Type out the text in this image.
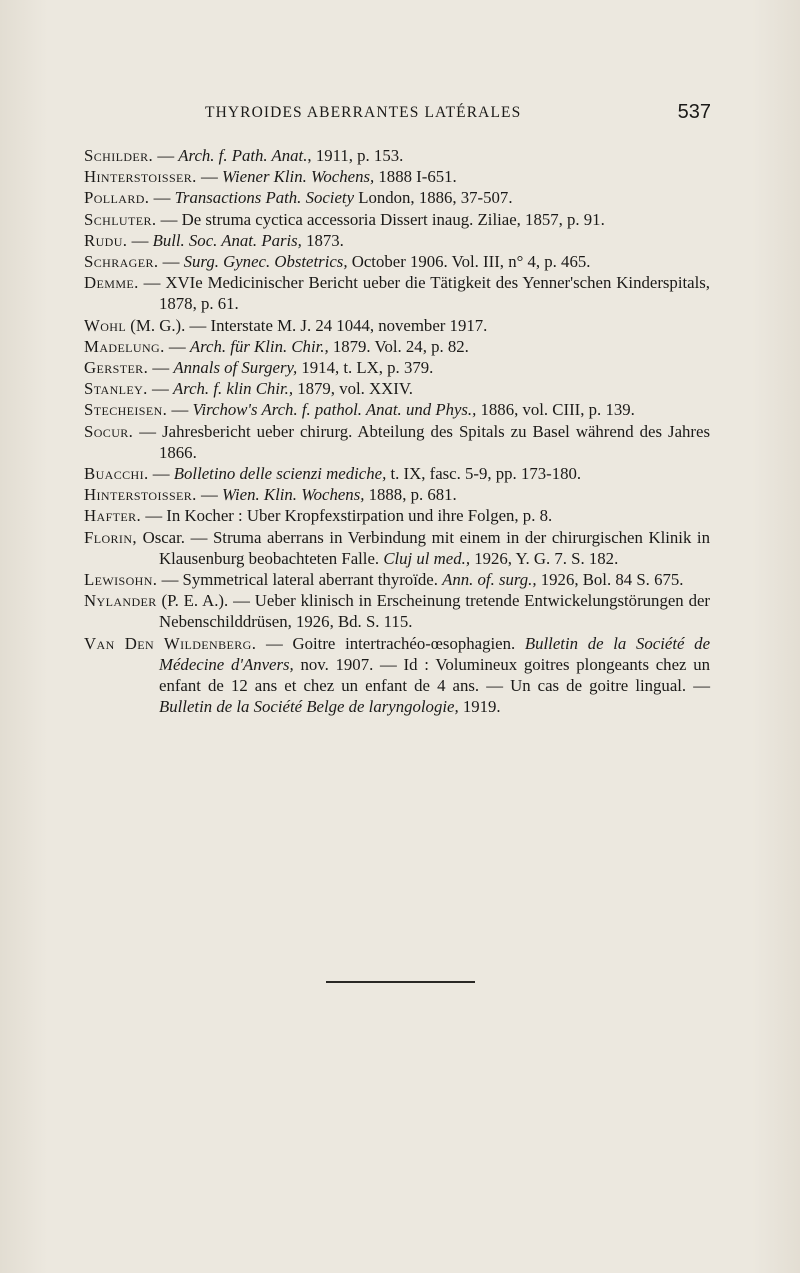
THYROIDES ABERRANTES LATÉRALES	537
Schilder. — Arch. f. Path. Anat., 1911, p. 153.
Hinterstoisser. — Wiener Klin. Wochens, 1888 I-651.
Pollard. — Transactions Path. Society London, 1886, 37-507.
Schluter. — De struma cyctica accessoria Dissert inaug. Ziliae, 1857, p. 91.
Rudu. — Bull. Soc. Anat. Paris, 1873.
Schrager. — Surg. Gynec. Obstetrics, October 1906. Vol. III, n° 4, p. 465.
Demme. — XVIe Medicinischer Bericht ueber die Tätigkeit des Yenner'schen Kinderspitals, 1878, p. 61.
Wohl (M. G.). — Interstate M. J. 24 1044, november 1917.
Madelung. — Arch. für Klin. Chir., 1879. Vol. 24, p. 82.
Gerster. — Annals of Surgery, 1914, t. LX, p. 379.
Stanley. — Arch. f. klin Chir., 1879, vol. XXIV.
Stecheisen. — Virchow's Arch. f. pathol. Anat. und Phys., 1886, vol. CIII, p. 139.
Socur. — Jahresbericht ueber chirurg. Abteilung des Spitals zu Basel während des Jahres 1866.
Buacchi. — Bolletino delle scienzi mediche, t. IX, fasc. 5-9, pp. 173-180.
Hinterstoisser. — Wien. Klin. Wochens, 1888, p. 681.
Hafter. — In Kocher : Uber Kropfexstirpation und ihre Folgen, p. 8.
Florin, Oscar. — Struma aberrans in Verbindung mit einem in der chirurgischen Klinik in Klausenburg beobachteten Falle. Cluj ul med., 1926, Y. G. 7. S. 182.
Lewisohn. — Symmetrical lateral aberrant thyroïde. Ann. of. surg., 1926, Bol. 84 S. 675.
Nylander (P. E. A.). — Ueber klinisch in Erscheinung tretende Entwickelungstörungen der Nebenschilddrüsen, 1926, Bd. S. 115.
Van Den Wildenberg. — Goitre intertrachéo-œsophagien. Bulletin de la Société de Médecine d'Anvers, nov. 1907. — Id : Volumineux goitres plongeants chez un enfant de 12 ans et chez un enfant de 4 ans. — Un cas de goitre lingual. — Bulletin de la Société Belge de laryngologie, 1919.
